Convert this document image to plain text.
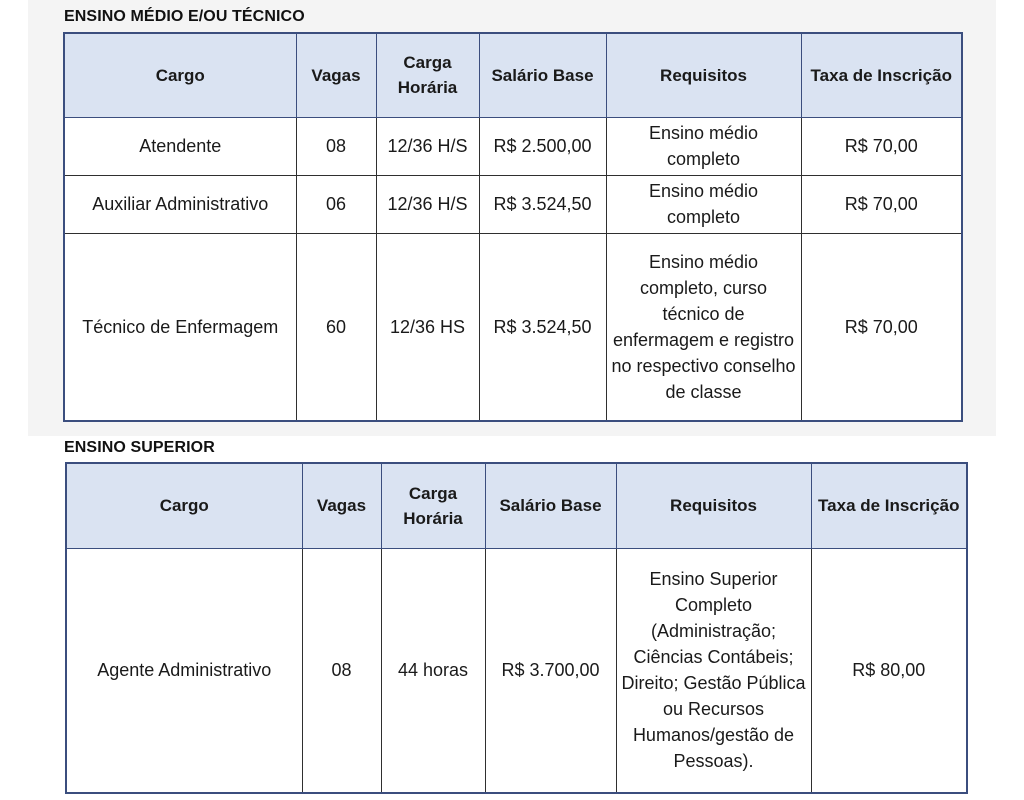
ENSINO MÉDIO E/OU TÉCNICO
Cargo	Vagas	Carga Horária	Salário Base	Requisitos	Taxa de Inscrição
Atendente	08	12/36 H/S	R$ 2.500,00	Ensino médio completo	R$ 70,00
Auxiliar Administrativo	06	12/36 H/S	R$ 3.524,50	Ensino médio completo	R$ 70,00
Técnico de Enfermagem	60	12/36 HS	R$ 3.524,50	Ensino médio completo, curso técnico de enfermagem e registro no respectivo conselho de classe	R$ 70,00
ENSINO SUPERIOR
Cargo	Vagas	Carga Horária	Salário Base	Requisitos	Taxa de Inscrição
Agente Administrativo	08	44 horas	R$ 3.700,00	Ensino Superior Completo (Administração; Ciências Contábeis; Direito; Gestão Pública ou Recursos Humanos/gestão de Pessoas).	R$ 80,00
